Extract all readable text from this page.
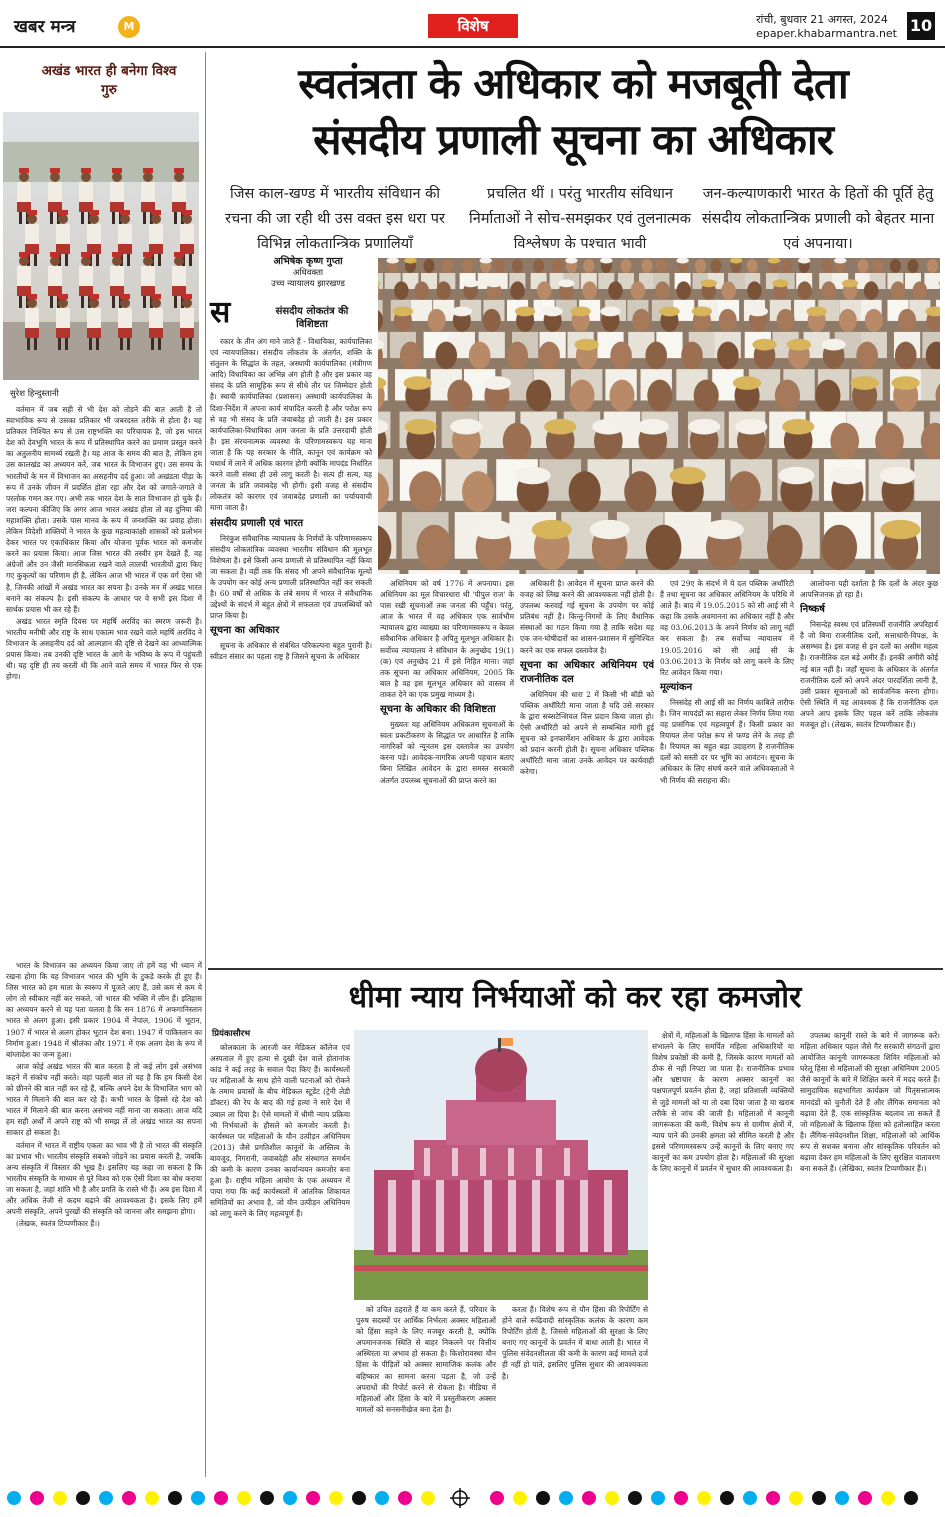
खबर मन्त्र	M	विशेष	रांची, बुधवार 21 अगस्त, 2024
epaper.khabarmantra.net 10
अखंड भारत ही बनेगा विश्व गुरु
सुरेश हिन्दुस्तानी

वर्तमान में जब सही से भी देश को तोड़ने की बात आती है तो स्वाभाविक रूप से उसका प्रतिकार भी जबरदस्त तरीके से होता है। यह प्रतिकार निश्चित रूप से उस राष्ट्रभक्ति का परिचायक है, जो इस भारत देश को देवभूमि भारत के रूप में प्रतिस्थापित करने का प्रमाण प्रस्तुत करने का अतुलनीय सामर्थ्य रखती है। यह आज के समय की बात है, लेकिन हम उस कालखंड का अध्ययन करें, जब भारत के विभाजन हुए। उस समय के भारतीयों के मन में विभाजन का असहनीय दर्द हुआ। जो अखंडता पीड़ा के रूप में उनके जीवन में प्रदर्शित होता रहा और देश को जगाते-जगाते वे परलोक गमन कर गए। अभी तक भारत देश के सात विभाजन हो चुके हैं। जरा कल्पना कीजिए कि अगर आज भारत अखंड होता तो वह दुनिया की महाशक्ति होता। उसके पास मानव के रूप में जनशक्ति का प्रवाह होता। लेकिन विदेशी शक्तियों ने भारत के कुछ महत्वाकांक्षी शासकों को प्रलोभन देकर भारत पर एकाधिकार किया और योजना पूर्वक भारत को कमजोर करने का प्रयास किया। आज जिस भारत की तस्वीर हम देखते हैं, वह अंग्रेजों और उन जैसी मानसिकता रखने वाले लालची भारतीयों द्वारा किए गए कुकृत्यों का परिणाम ही है, लेकिन आज भी भारत में एक वर्ग ऐसा भी है, जिनकी आंखों में अखंड भारत का सपना है। उनके मन में अखंड भारत बनाने का संकल्प है। इसी संकल्प के आधार पर वे सभी इस दिशा में सार्थक प्रयास भी कर रहे हैं।

अखंड भारत स्मृति दिवस पर महर्षि अरविंद का स्मरण जरूरी है। भारतीय मनीषी और राष्ट्र के साथ एकात्म भाव रखने वाले महर्षि अरविंद ने विभाजन के असहनीय दर्द को आत्मज्ञान की दृष्टि से देखने का आध्यात्मिक प्रयास किया। तब उनकी दृष्टि भारत के आगे के भविष्य के रूप में पहुंचती थी। यह दृष्टि ही तय करती थी कि आने वाले समय में भारत फिर से एक होगा।

भारत के विभाजन का अध्ययन किया जाए तो हमें यह भी ध्यान में रखना होगा कि यह विभाजन भारत की भूमि के टुकड़े करके ही हुए हैं। जिस भारत को हम माता के स्वरूप में पूजते आए हैं, उसे कम से कम ये लोग तो स्वीकार नहीं कर सकते, जो भारत की भक्ति में लीन हैं। इतिहास का अध्ययन करने से यह पता चलता है कि सन 1876 में अफगानिस्तान भारत से अलग हुआ। इसी प्रकार 1904 में नेपाल, 1906 में भूटान, 1907 में भारत से अलग होकर भूटान देश बना। 1947 में पाकिस्तान का निर्माण हुआ। 1948 में श्रीलंका और 1971 में एक अलग देश के रूप में बांग्लादेश का जन्म हुआ।

आज कोई अखंड भारत की बात करता है तो कई लोग इसे असंभव कहने में संकोच नहीं करते। वहां पहली बात तो यह है कि हम किसी देश को छीनने की बात नहीं कर रहे हैं, बल्कि अपने देश के विभाजित भाग को भारत में मिलाने की बात कर रहे हैं। कभी भारत के हिस्से रहे देश को भारत में मिलाने की बात करना असंभव नहीं माना जा सकता। आज यदि हम सही अर्थों में अपने राष्ट्र को भी समझ लें तो अखंड भारत का सपना साकार हो सकता है।

वर्तमान में भारत में राष्ट्रीय एकता का भाव भी है तो भारत की संस्कृति का प्रभाव भी। भारतीय संस्कृति सबको जोड़ने का प्रयास करती है, जबकि अन्य संस्कृति में विस्तार की भूख है। इसलिए यह कहा जा सकता है कि भारतीय संस्कृति के माध्यम से पूरे विश्व को एक ऐसी दिशा का बोध कराया जा सकता है, जहां शांति भी है और प्रगति के रास्ते भी हैं। अब इस दिशा में और अधिक तेजी से कदम बढ़ाने की आवश्यकता है। इसके लिए हमें अपनी संस्कृति, अपने पुरखों की संस्कृति को जानना और समझना होगा।

(लेखक, स्वतंत्र टिप्पणीकार हैं।)

स्वतंत्रता के अधिकार को मजबूती देता
संसदीय प्रणाली सूचना का अधिकार
जिस काल-खण्ड में भारतीय संविधान की रचना की जा रही थी उस वक्त इस धरा पर विभिन्न लोकतान्त्रिक प्रणालियाँ
प्रचलित थीं । परंतु भारतीय संविधान निर्माताओं ने सोच-समझकर एवं तुलनात्मक विश्लेषण के पश्चात भावी
जन-कल्याणकारी भारत के हितों की पूर्ति हेतु संसदीय लोकतान्त्रिक प्रणाली को बेहतर माना एवं अपनाया।
अभिषेक कृष्ण गुप्ता
अधिवक्ता
उच्च न्यायालय झारखण्ड
स	संसदीय लोकतंत्र की विशिष्टता

रकार के तीन अंग माने जाते हैं - विधायिका, कार्यपालिका एवं न्यायपालिका। संसदीय लोकतंत्र के अंतर्गत, शक्ति के संतुलन के सिद्धांत के तहत, अस्थायी कार्यपालिका (मंत्रीगण आदि) विधायिका का अभिन्न अंग होती है और इस प्रकार वह संसद के प्रति सामूहिक रूप से सीधे तौर पर जिम्मेदार होती है। स्थायी कार्यपालिका (प्रशासन) अस्थायी कार्यपालिका के दिशा-निर्देश में अपना कार्य संपादित करती है और परोक्ष रूप से वह भी संसद के प्रति जवाबदेह हो जाती है। इस प्रकार कार्यपालिका-विधायिका आम जनता के प्रति उत्तरदायी होती है। इस संरचनात्मक व्यवस्था के परिणामस्वरूप यह माना जाता है कि यह सरकार के नीति, कानून एवं कार्यक्रम को यथार्थ में लाने में अधिक कारगर होगी क्योंकि मापदंड निर्धारित करने वाली संस्था ही उसे लागू करती है। सत्य ही सत्य, यह जनता के प्रति जवाबदेह भी होगी। इसी वजह से संसदीय लोकतंत्र को कारगर एवं जवाबदेह प्रणाली का पर्यायवाची माना जाता है।

संसदीय प्रणाली एवं भारत

निरंकुश संवैधानिक न्यायालय के निर्णयों के परिणामस्वरूप संसदीय लोकतांत्रिक व्यवस्था भारतीय संविधान की मूलभूत विशेषता है। इसे किसी अन्य प्रणाली से प्रतिस्थापित नहीं किया जा सकता है। वहीं तक कि संसद भी अपने संवैधानिक मूल्यों के उपयोग कर कोई अन्य प्रणाली प्रतिस्थापित नहीं कर सकती है। 60 वर्षों से अधिक के लंबे समय में भारत ने संवैधानिक उद्देश्यों के संदर्भ में बहुत क्षेत्रों में सफलता एवं उपलब्धियों को प्राप्त किया है।

सूचना का अधिकार

सूचना के अधिकार से संबंधित परिकल्पना बहुत पुरानी है। स्वीडन संसार का पहला राष्ट्र है जिसने सूचना के अधिकार

अधिनियम को वर्ष 1776 में अपनाया। इस अधिनियम का मूल विचारधारा थी 'पीपुल राज' के पास रखी सूचनाओं तक जनता की पहुँच। परंतु, आज के भारत में यह अधिकार एक सार्वभौम न्यायालय द्वारा व्याख्या का परिणामस्वरूप न केवल संवैधानिक अधिकार है अपितु मूलभूत अधिकार है। सर्वोच्च न्यायालय ने संविधान के अनुच्छेद 19(1)(क) एवं अनुच्छेद 21 में इसे निहित माना। जहां तक सूचना का अधिकार अधिनियम, 2005 कि बात है वह इस मूलभूत अधिकार को वास्तव में ताकत देने का एक प्रमुख माध्यम है।

सूचना के अधिकार की विशिष्टता

मुख्यतः यह अधिनियम अधिकतम सूचनाओं के स्वतः प्रकटीकरण के सिद्धांत पर आधारित है ताकि नागरिकों को न्यूनतम इस दस्तावेज का उपयोग करना पड़े। आवेदक-नागरिक अपनी पहचान बताए बिना लिखित आवेदन के द्वारा समस्त सरकारी अंतर्गत उपलब्ध सूचनाओं की प्राप्त करने का

अधिकारी है। आवेदन में सूचना प्राप्त करने की वजह को लिख करने की आवश्यकता नहीं होती है। उपलब्ध करवाई गई सूचना के उपयोग पर कोई प्रतिबंध नहीं है। किन्तु-निगमों के लिए वैधानिक संस्थाओं का गठन किया गया है ताकि सदेश यह एक जन-घोषीदारों का शासन-प्रशासन में सुनिश्चित करने का एक सफल दस्तावेज है।

सूचना का अधिकार अधिनियम एवं राजनीतिक दल

अधिनियम की धारा 2 में किसी भी बॉडी को पब्लिक अथॉरिटी माना जाता है यदि उसे सरकार के द्वारा सब्सटेन्शियल वित्त प्रदान किया जाता हो। ऐसी अथॉरिटी को अपने से सम्बन्धित मांगी हुई सूचना को इनफार्मेशन अधिकार के द्वारा आवेदक को प्रदान करनी होती है। सूचना अधिकार पब्लिक अथॉरिटी माना जाता उनके आवेदन पर कार्यवाही करेगा।

एवं 29ए के संदर्भ में ये दल पब्लिक अथॉरिटी हैं तथा सूचना का अधिकार अधिनियम के परिधि में आते हैं। बाद में 19.05.2015 को सी आई सी ने कहा कि उसके अवमानना का अधिकार नहीं है और वह 03.06.2013 के अपने निर्णय को लागू नहीं कर सकता है। तब सर्वोच्च न्यायालय में 19.05.2016 को सी आई सी के 03.06.2013 के निर्णय को लागू करने के लिए रिट आवेदन किया गया।

मूल्यांकन

निस्संदेह सी आई सी का निर्णय काबिले तारीफ है। जिन मापदंडों का सहारा लेकर निर्णय लिया गया वह प्रासंगिक एवं महत्वपूर्ण हैं। किसी प्रकार का रियायत लेना परोक्ष रूप से फण्ड लेने के तरह ही है। रियायत का बहुत बड़ा उदाहरण है राजनीतिक दलों को सस्ती दर पर भूमि का आवंटन। सूचना के अधिकार के लिए संघर्ष करने वाले अधिवक्ताओं ने भी निर्णय की सराहना की।

आलोचना यही दर्शाता है कि दलों के अंदर कुछ आपत्तिजनक हो रहा है।

निष्कर्ष

निसन्देह स्वस्थ एवं प्रतिस्पर्धी राजनीति अपरिहार्य है जो बिना राजनीतिक दलों, सत्ताधारी-विपक्ष, के असम्भव है। इस वजह से इन दलों का असीम महत्व है। राजनीतिक दल बड़े अमीर हैं। इनकी अमीरी कोई नई बात नहीं है। जहाँ सूचना के अधिकार के अंतर्गत राजनीतिक दलों को अपने अंदर पारदर्शिता लानी है, उसी प्रकार सूचनाओं को सार्वजनिक करना होगा। ऐसी स्थिति में यह आवश्यक है कि राजनीतिक दल अपने आप इसके लिए पहल करें ताकि लोकतंत्र मजबूत हो। (लेखक, स्वतंत्र टिप्पणीकार हैं।)

धीमा न्याय निर्भयाओं को कर रहा कमजोर
प्रियंकासौरभ

कोलकाता के आरजी कर मेडिकल कॉलेज एवं अस्पताल में हुए हत्या से दुखी देश वाले होतानांक कांड ने कई तरह के सवाल पैदा किए हैं। कार्यस्थलों पर महिलाओं के साथ होने वाली घटनाओं को रोकने के तमाम प्रयासों के बीच मेडिकल स्टूडेंट (ट्रेनी लेडी डॉक्टर) की रेप के बाद की गई हत्या ने सारे देश में उबाल ला दिया है। ऐसे मामलों में धीमी न्याय प्रक्रिया भी निर्भयाओं के हौसले को कमजोर करती है। कार्यस्थल पर महिलाओं के यौन उत्पीड़न अधिनियम (2013) जैसे प्रगतिशील कानूनों के अस्तित्व के बावजूद, निगरानी, जवाबदेही और संस्थागत समर्थन की कमी के कारण उनका कार्यान्वयन कमजोर बना हुआ है। राष्ट्रीय महिला आयोग के एक अध्ययन में पाया गया कि कई कार्यस्थलों में आंतरिक शिकायत समितियों का अभाव है, जो यौन उत्पीड़न अधिनियम को लागू करने के लिए महत्वपूर्ण हैं।

को उचित ठहराते हैं या कम करते हैं, परिवार के पुरुष सदस्यों पर आर्थिक निर्भरता अक्सर महिलाओं को हिंसा सहने के लिए मजबूर करती है, क्योंकि अपमानजनक स्थिति से बाहर निकलने पर वित्तीय अस्थिरता या अभाव हो सकता है। किशोरावस्था यौन हिंसा के पीड़ितों को अक्सर सामाजिक कलंक और बहिष्कार का सामना करना पड़ता है, जो उन्हें अपराधों की रिपोर्ट करने से रोकता है। मीडिया में महिलाओं और हिंसा के बारे में प्रस्तुतीकरण अक्सर मामलों को सनसनीखेज बना देता है।

करता है। विशेष रूप से यौन हिंसा की रिपोर्टिंग से होने वाले रूढ़िवादी सांस्कृतिक कलंक के कारण कम रिपोर्टिंग होती है, जिससे महिलाओं की सुरक्षा के लिए बनाए गए कानूनों के प्रवर्तन में बाधा आती है। भारत में पुलिस संवेदनशीलता की कमी के कारण कई मामले दर्ज ही नहीं हो पाते, इसलिए पुलिस सुधार की आवश्यकता है।

क्षेत्रों में, महिलाओं के खिलाफ हिंसा के मामलों को संभालने के लिए समर्पित महिला अधिकारियों या विशेष प्रकोष्ठों की कमी है, जिसके कारण मामलों को ठीक से नहीं निपटा जा पाता है। राजनीतिक प्रभाव और भ्रष्टाचार के कारण अक्सर कानूनों का पक्षपातपूर्ण प्रवर्तन होता है, जहां प्रतिशाली व्यक्तियों से जुड़े मामलों को या तो दबा दिया जाता है या खराब तरीके से जांच की जाती है। महिलाओं में कानूनी जागरूकता की कमी, विशेष रूप से ग्रामीण क्षेत्रों में, न्याय पाने की उनकी क्षमता को सीमित करती है और इससे परिणामस्वरूप उन्हें कानूनों के लिए बनाए गए कानूनों का कम उपयोग होता है। महिलाओं की सुरक्षा के लिए कानूनों में प्रवर्तन में सुधार की आवश्यकता है।

उपलब्ध कानूनी रास्ते के बारे में जागरूक करें। महिला अधिकार पहल जैसे गैर सरकारी संगठनों द्वारा आयोजित कानूनी जागरूकता शिविर महिलाओं को घरेलू हिंसा से महिलाओं की सुरक्षा अधिनियम 2005 जैसे कानूनों के बारे में शिक्षित करने में मदद करते हैं। सामुदायिक सहभागिता कार्यक्रम जो पितृसत्तात्मक मानदंडों को चुनौती देते हैं और लैंगिक समानता को बढ़ावा देते हैं, एक सांस्कृतिक बदलाव ला सकते हैं जो महिलाओं के खिलाफ हिंसा को हतोत्साहित करता है। लैंगिक-संवेदनशील शिक्षा, महिलाओं को आर्थिक रूप से सशक्त बनाना और सांस्कृतिक परिवर्तन को बढ़ावा देकर हम महिलाओं के लिए सुरक्षित वातावरण बना सकते हैं। (लेखिका, स्वतंत्र टिप्पणीकार हैं।)
